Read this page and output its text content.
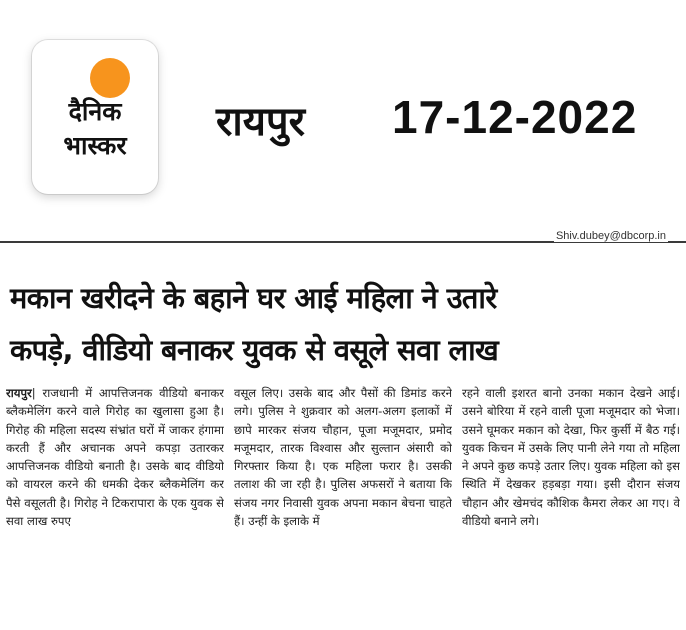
दैनिक
भास्कर
रायपुर 17-12-2022
Shiv.dubey@dbcorp.in
मकान खरीदने के बहाने घर आई महिला ने उतारे
कपड़े, वीडियो बनाकर युवक से वसूले सवा लाख
रायपुर| राजधानी में आपत्तिजनक वीडियो बनाकर ब्लैकमेलिंग करने वाले गिरोह का खुलासा हुआ है। गिरोह की महिला सदस्य संभ्रांत घरों में जाकर हंगामा करती हैं और अचानक अपने कपड़ा उतारकर आपत्तिजनक वीडियो बनाती है। उसके बाद वीडियो को वायरल करने की धमकी देकर ब्लैकमेलिंग कर पैसे वसूलती है। गिरोह ने टिकरापारा के एक युवक से सवा लाख रुपए
वसूल लिए। उसके बाद और पैसों की डिमांड करने लगे। पुलिस ने शुक्रवार को अलग-अलग इलाकों में छापे मारकर संजय चौहान, पूजा मजूमदार, प्रमोद मजूमदार, तारक विश्वास और सुल्तान अंसारी को गिरफ्तार किया है। एक महिला फरार है। उसकी तलाश की जा रही है। पुलिस अफसरों ने बताया कि संजय नगर निवासी युवक अपना मकान बेचना चाहते हैं। उन्हीं के इलाके में
रहने वाली इशरत बानो उनका मकान देखने आई। उसने बोरिया में रहने वाली पूजा मजूमदार को भेजा। उसने घूमकर मकान को देखा, फिर कुर्सी में बैठ गई। युवक किचन में उसके लिए पानी लेने गया तो महिला ने अपने कुछ कपड़े उतार लिए। युवक महिला को इस स्थिति में देखकर हड़बड़ा गया। इसी दौरान संजय चौहान और खेमचंद कौशिक कैमरा लेकर आ गए। वे वीडियो बनाने लगे।
